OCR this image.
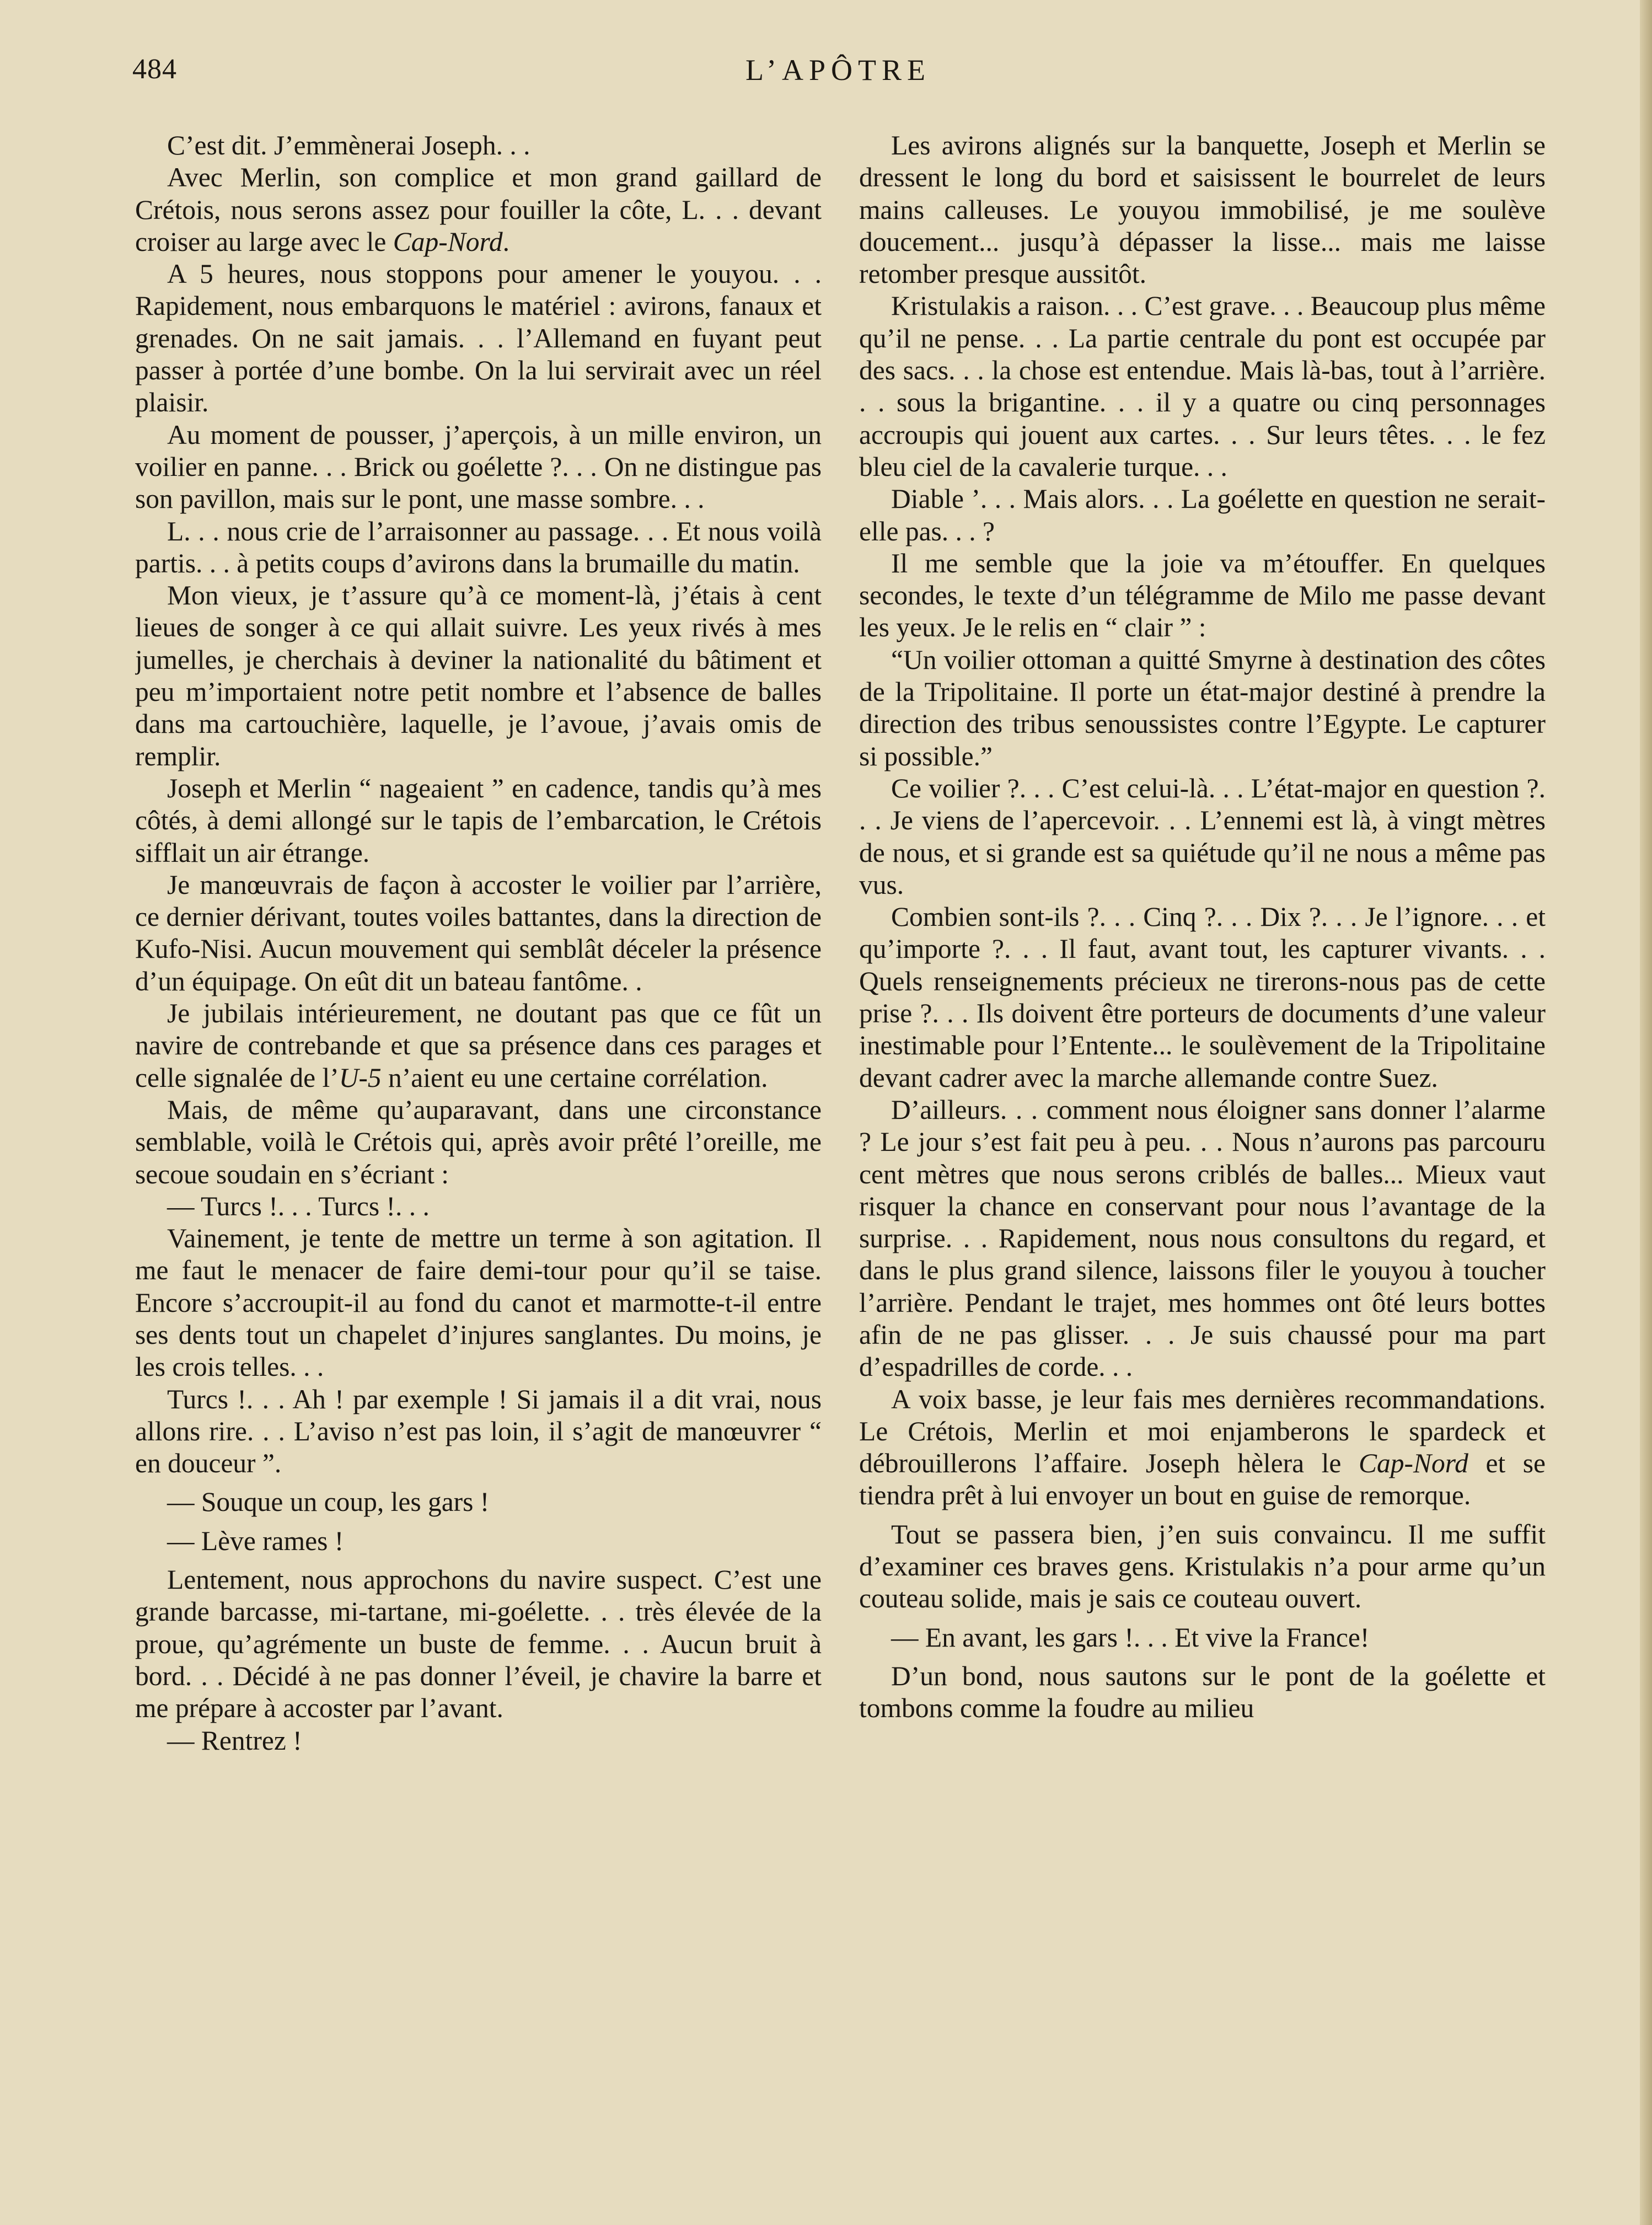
484	L’APÔTRE

C’est dit. J’emmènerai Joseph. . .

Avec Merlin, son complice et mon grand gaillard de Crétois, nous serons assez pour fouiller la côte, L. . . devant croiser au large avec le Cap-Nord.

A 5 heures, nous stoppons pour amener le youyou. . . Rapidement, nous embarquons le matériel : avirons, fanaux et grenades. On ne sait jamais. . . l’Allemand en fuyant peut passer à portée d’une bombe. On la lui servirait avec un réel plaisir.

Au moment de pousser, j’aperçois, à un mille environ, un voilier en panne. . . Brick ou goélette ?. . . On ne distingue pas son pavillon, mais sur le pont, une masse sombre. . .

L. . . nous crie de l’arraisonner au passage. . . Et nous voilà partis. . . à petits coups d’avirons dans la brumaille du matin.

Mon vieux, je t’assure qu’à ce moment-là, j’étais à cent lieues de songer à ce qui allait suivre. Les yeux rivés à mes jumelles, je cherchais à deviner la nationalité du bâtiment et peu m’importaient notre petit nombre et l’absence de balles dans ma cartouchière, laquelle, je l’avoue, j’avais omis de remplir.

Joseph et Merlin “ nageaient ” en cadence, tandis qu’à mes côtés, à demi allongé sur le tapis de l’embarcation, le Crétois sifflait un air étrange.

Je manœuvrais de façon à accoster le voilier par l’arrière, ce dernier dérivant, toutes voiles battantes, dans la direction de Kufo-Nisi. Aucun mouvement qui semblât déceler la présence d’un équipage. On eût dit un bateau fantôme. .

Je jubilais intérieurement, ne doutant pas que ce fût un navire de contrebande et que sa présence dans ces parages et celle signalée de l’U-5 n’aient eu une certaine corrélation.

Mais, de même qu’auparavant, dans une circonstance semblable, voilà le Crétois qui, après avoir prêté l’oreille, me secoue soudain en s’écriant :

— Turcs !. . . Turcs !. . .

Vainement, je tente de mettre un terme à son agitation. Il me faut le menacer de faire demi-tour pour qu’il se taise. Encore s’accroupit-il au fond du canot et marmotte-t-il entre ses dents tout un chapelet d’injures sanglantes. Du moins, je les crois telles. . .

Turcs !. . . Ah ! par exemple ! Si jamais il a dit vrai, nous allons rire. . . L’aviso n’est pas loin, il s’agit de manœuvrer “ en douceur ”.

— Souque un coup, les gars !

— Lève rames !

Lentement, nous approchons du navire suspect. C’est une grande barcasse, mi-tartane, mi-goélette. . . très élevée de la proue, qu’agrémente un buste de femme. . . Aucun bruit à bord. . . Décidé à ne pas donner l’éveil, je chavire la barre et me prépare à accoster par l’avant.

— Rentrez !

Les avirons alignés sur la banquette, Joseph et Merlin se dressent le long du bord et saisissent le bourrelet de leurs mains calleuses. Le youyou immobilisé, je me soulève doucement... jusqu’à dépasser la lisse... mais me laisse retomber presque aussitôt.

Kristulakis a raison. . . C’est grave. . . Beaucoup plus même qu’il ne pense. . . La partie centrale du pont est occupée par des sacs. . . la chose est entendue. Mais là-bas, tout à l’arrière. . . sous la brigantine. . . il y a quatre ou cinq personnages accroupis qui jouent aux cartes. . . Sur leurs têtes. . . le fez bleu ciel de la cavalerie turque. . .

Diable ’. . . Mais alors. . . La goélette en question ne serait-elle pas. . . ?

Il me semble que la joie va m’étouffer. En quelques secondes, le texte d’un télégramme de Milo me passe devant les yeux. Je le relis en “ clair ” :

“Un voilier ottoman a quitté Smyrne à destination des côtes de la Tripolitaine. Il porte un état-major destiné à prendre la direction des tribus senoussistes contre l’Egypte. Le capturer si possible.”

Ce voilier ?. . . C’est celui-là. . . L’état-major en question ?. . . Je viens de l’apercevoir. . . L’ennemi est là, à vingt mètres de nous, et si grande est sa quiétude qu’il ne nous a même pas vus.

Combien sont-ils ?. . . Cinq ?. . . Dix ?. . . Je l’ignore. . . et qu’importe ?. . . Il faut, avant tout, les capturer vivants. . . Quels renseignements précieux ne tirerons-nous pas de cette prise ?. . . Ils doivent être porteurs de documents d’une valeur inestimable pour l’Entente... le soulèvement de la Tripolitaine devant cadrer avec la marche allemande contre Suez.

D’ailleurs. . . comment nous éloigner sans donner l’alarme ? Le jour s’est fait peu à peu. . . Nous n’aurons pas parcouru cent mètres que nous serons criblés de balles... Mieux vaut risquer la chance en conservant pour nous l’avantage de la surprise. . . Rapidement, nous nous consultons du regard, et dans le plus grand silence, laissons filer le youyou à toucher l’arrière. Pendant le trajet, mes hommes ont ôté leurs bottes afin de ne pas glisser. . . Je suis chaussé pour ma part d’espadrilles de corde. . .

A voix basse, je leur fais mes dernières recommandations. Le Crétois, Merlin et moi enjamberons le spardeck et débrouillerons l’affaire. Joseph hèlera le Cap-Nord et se tiendra prêt à lui envoyer un bout en guise de remorque.

Tout se passera bien, j’en suis convaincu. Il me suffit d’examiner ces braves gens. Kristulakis n’a pour arme qu’un couteau solide, mais je sais ce couteau ouvert.

— En avant, les gars !. . . Et vive la France!

D’un bond, nous sautons sur le pont de la goélette et tombons comme la foudre au milieu
